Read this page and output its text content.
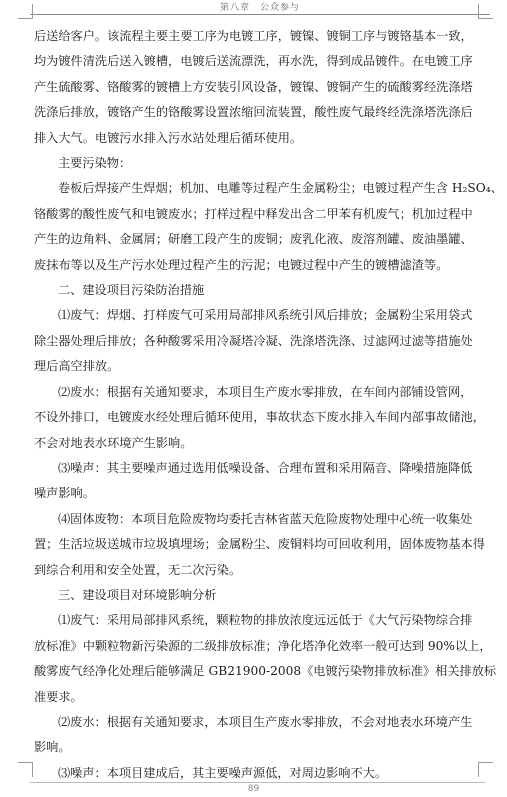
第八章　公众参与
后送给客户。该流程主要主要工序为电镀工序，镀镍、镀铜工序与镀铬基本一致，
均为镀件清洗后送入镀槽，电镀后送流漂洗，再水洗，得到成品镀件。在电镀工序
产生硫酸雾、铬酸雾的镀槽上方安装引风设备，镀镍、镀铜产生的硫酸雾经洗涤塔
洗涤后排放，镀铬产生的铬酸雾设置浓缩回流装置，酸性废气最终经洗涤塔洗涤后
排入大气。电镀污水排入污水站处理后循环使用。
主要污染物：
卷板后焊接产生焊烟；机加、电雕等过程产生金属粉尘；电镀过程产生含 H₂SO₄、
铬酸雾的酸性废气和电镀废水；打样过程中释发出含二甲苯有机废气；机加过程中
产生的边角料、金属屑；研磨工段产生的废铜；废乳化液、废溶剂罐、废油墨罐、
废抹布等以及生产污水处理过程产生的污泥；电镀过程中产生的镀槽滤渣等。
二、建设项目污染防治措施
⑴废气：焊烟、打样废气可采用局部排风系统引风后排放；金属粉尘采用袋式
除尘器处理后排放；各种酸雾采用冷凝塔冷凝、洗涤塔洗涤、过滤网过滤等措施处
理后高空排放。
⑵废水：根据有关通知要求，本项目生产废水零排放，在车间内部铺设管网，
不设外排口，电镀废水经处理后循环使用，事故状态下废水排入车间内部事故储池，
不会对地表水环境产生影响。
⑶噪声：其主要噪声通过选用低噪设备、合理布置和采用隔音、降噪措施降低
噪声影响。
⑷固体废物：本项目危险废物均委托吉林省蓝天危险废物处理中心统一收集处
置；生活垃圾送城市垃圾填埋场；金属粉尘、废铜料均可回收利用，固体废物基本得
到综合利用和安全处置，无二次污染。
三、建设项目对环境影响分析
⑴废气：采用局部排风系统，颗粒物的排放浓度远远低于《大气污染物综合排
放标准》中颗粒物新污染源的二级排放标准；净化塔净化效率一般可达到 90%以上，
酸雾废气经净化处理后能够满足 GB21900-2008《电镀污染物排放标准》相关排放标
准要求。
⑵废水：根据有关通知要求，本项目生产废水零排放，不会对地表水环境产生
影响。
⑶噪声：本项目建成后，其主要噪声源低，对周边影响不大。
89
